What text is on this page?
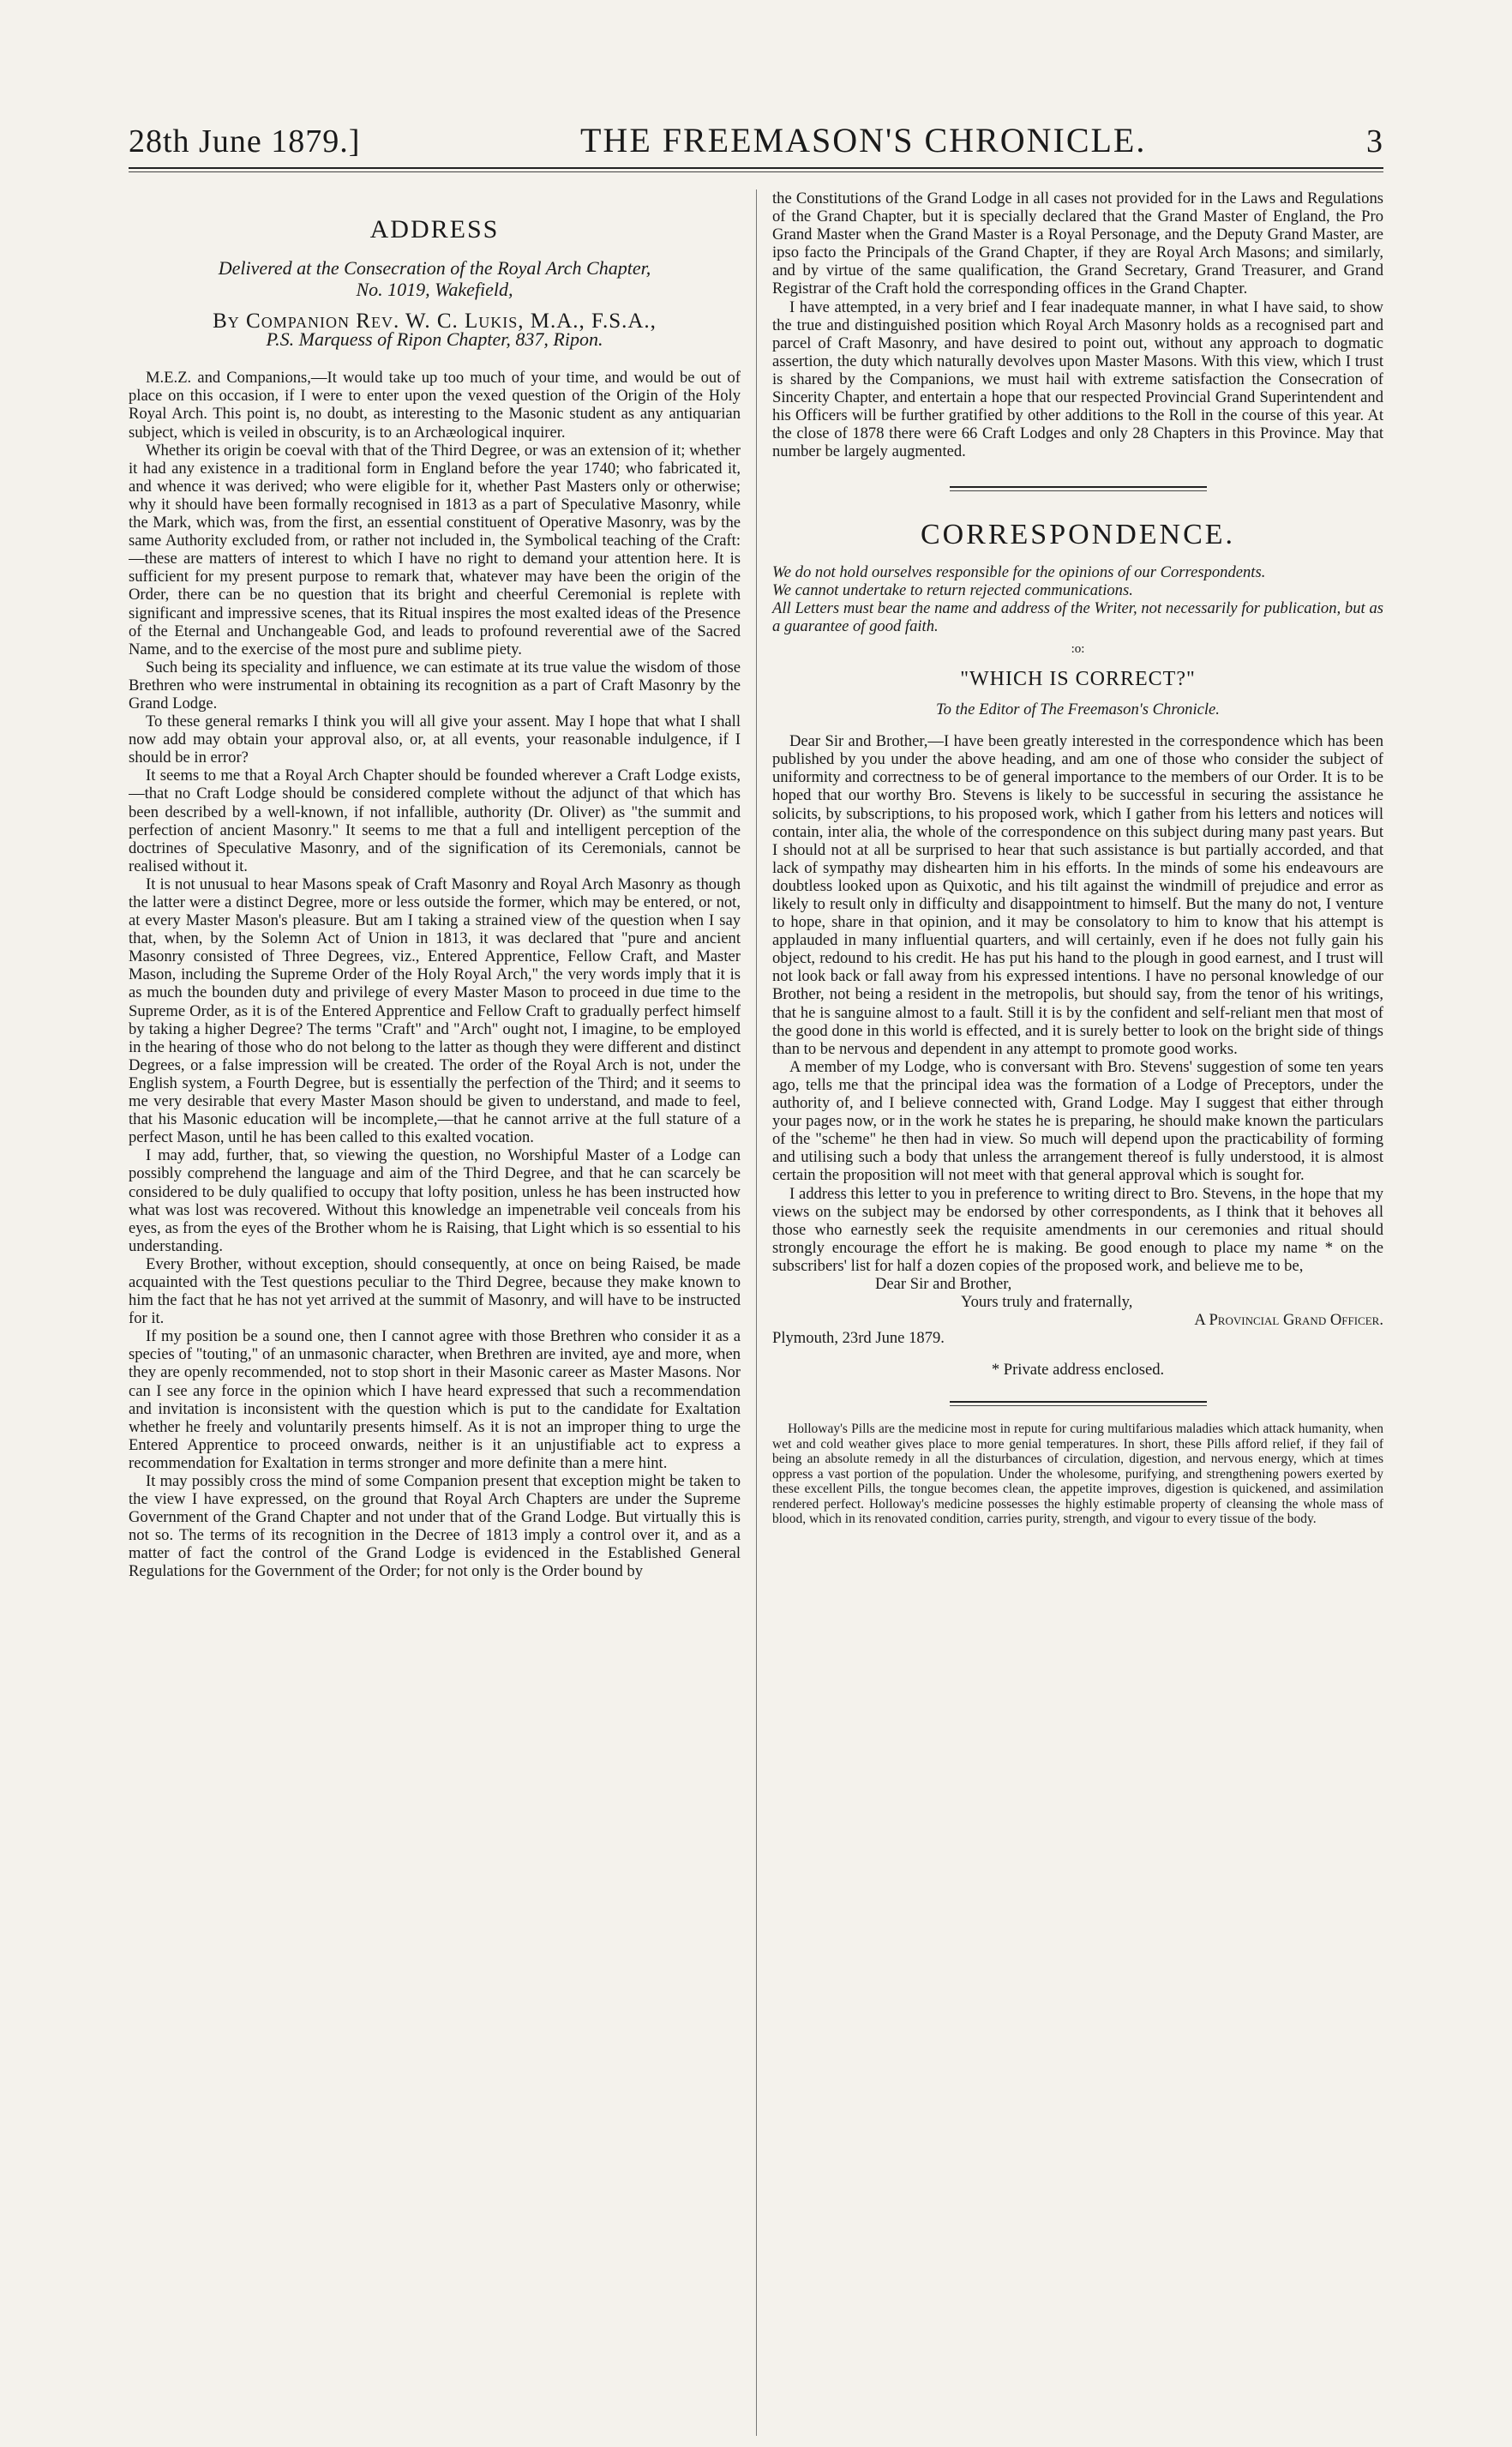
28th June 1879.]	THE FREEMASON'S CHRONICLE.	3
ADDRESS
Delivered at the Consecration of the Royal Arch Chapter,
No. 1019, Wakefield,
By Companion Rev. W. C. Lukis, M.A., F.S.A.,
P.S. Marquess of Ripon Chapter, 837, Ripon.

M.E.Z. and Companions,—It would take up too much of your time, and would be out of place on this occasion, if I were to enter upon the vexed question of the Origin of the Holy Royal Arch. This point is, no doubt, as interesting to the Masonic student as any antiquarian subject, which is veiled in obscurity, is to an Archæological inquirer.

Whether its origin be coeval with that of the Third Degree, or was an extension of it; whether it had any existence in a traditional form in England before the year 1740; who fabricated it, and whence it was derived; who were eligible for it, whether Past Masters only or otherwise; why it should have been formally recognised in 1813 as a part of Speculative Masonry, while the Mark, which was, from the first, an essential constituent of Operative Masonry, was by the same Authority excluded from, or rather not included in, the Symbolical teaching of the Craft:—these are matters of interest to which I have no right to demand your attention here. It is sufficient for my present purpose to remark that, whatever may have been the origin of the Order, there can be no question that its bright and cheerful Ceremonial is replete with significant and impressive scenes, that its Ritual inspires the most exalted ideas of the Presence of the Eternal and Unchangeable God, and leads to profound reverential awe of the Sacred Name, and to the exercise of the most pure and sublime piety.

Such being its speciality and influence, we can estimate at its true value the wisdom of those Brethren who were instrumental in obtaining its recognition as a part of Craft Masonry by the Grand Lodge.

To these general remarks I think you will all give your assent. May I hope that what I shall now add may obtain your approval also, or, at all events, your reasonable indulgence, if I should be in error?

It seems to me that a Royal Arch Chapter should be founded wherever a Craft Lodge exists,—that no Craft Lodge should be considered complete without the adjunct of that which has been described by a well-known, if not infallible, authority (Dr. Oliver) as "the summit and perfection of ancient Masonry." It seems to me that a full and intelligent perception of the doctrines of Speculative Masonry, and of the signification of its Ceremonials, cannot be realised without it.

It is not unusual to hear Masons speak of Craft Masonry and Royal Arch Masonry as though the latter were a distinct Degree, more or less outside the former, which may be entered, or not, at every Master Mason's pleasure. But am I taking a strained view of the question when I say that, when, by the Solemn Act of Union in 1813, it was declared that "pure and ancient Masonry consisted of Three Degrees, viz., Entered Apprentice, Fellow Craft, and Master Mason, including the Supreme Order of the Holy Royal Arch," the very words imply that it is as much the bounden duty and privilege of every Master Mason to proceed in due time to the Supreme Order, as it is of the Entered Apprentice and Fellow Craft to gradually perfect himself by taking a higher Degree? The terms "Craft" and "Arch" ought not, I imagine, to be employed in the hearing of those who do not belong to the latter as though they were different and distinct Degrees, or a false impression will be created. The order of the Royal Arch is not, under the English system, a Fourth Degree, but is essentially the perfection of the Third; and it seems to me very desirable that every Master Mason should be given to understand, and made to feel, that his Masonic education will be incomplete,—that he cannot arrive at the full stature of a perfect Mason, until he has been called to this exalted vocation.

I may add, further, that, so viewing the question, no Worshipful Master of a Lodge can possibly comprehend the language and aim of the Third Degree, and that he can scarcely be considered to be duly qualified to occupy that lofty position, unless he has been instructed how what was lost was recovered. Without this knowledge an impenetrable veil conceals from his eyes, as from the eyes of the Brother whom he is Raising, that Light which is so essential to his understanding.

Every Brother, without exception, should consequently, at once on being Raised, be made acquainted with the Test questions peculiar to the Third Degree, because they make known to him the fact that he has not yet arrived at the summit of Masonry, and will have to be instructed for it.

If my position be a sound one, then I cannot agree with those Brethren who consider it as a species of "touting," of an unmasonic character, when Brethren are invited, aye and more, when they are openly recommended, not to stop short in their Masonic career as Master Masons. Nor can I see any force in the opinion which I have heard expressed that such a recommendation and invitation is inconsistent with the question which is put to the candidate for Exaltation whether he freely and voluntarily presents himself. As it is not an improper thing to urge the Entered Apprentice to proceed onwards, neither is it an unjustifiable act to express a recommendation for Exaltation in terms stronger and more definite than a mere hint.

It may possibly cross the mind of some Companion present that exception might be taken to the view I have expressed, on the ground that Royal Arch Chapters are under the Supreme Government of the Grand Chapter and not under that of the Grand Lodge. But virtually this is not so. The terms of its recognition in the Decree of 1813 imply a control over it, and as a matter of fact the control of the Grand Lodge is evidenced in the Established General Regulations for the Government of the Order; for not only is the Order bound by

the Constitutions of the Grand Lodge in all cases not provided for in the Laws and Regulations of the Grand Chapter, but it is specially declared that the Grand Master of England, the Pro Grand Master when the Grand Master is a Royal Personage, and the Deputy Grand Master, are ipso facto the Principals of the Grand Chapter, if they are Royal Arch Masons; and similarly, and by virtue of the same qualification, the Grand Secretary, Grand Treasurer, and Grand Registrar of the Craft hold the corresponding offices in the Grand Chapter.

I have attempted, in a very brief and I fear inadequate manner, in what I have said, to show the true and distinguished position which Royal Arch Masonry holds as a recognised part and parcel of Craft Masonry, and have desired to point out, without any approach to dogmatic assertion, the duty which naturally devolves upon Master Masons. With this view, which I trust is shared by the Companions, we must hail with extreme satisfaction the Consecration of Sincerity Chapter, and entertain a hope that our respected Provincial Grand Superintendent and his Officers will be further gratified by other additions to the Roll in the course of this year. At the close of 1878 there were 66 Craft Lodges and only 28 Chapters in this Province. May that number be largely augmented.

CORRESPONDENCE.

We do not hold ourselves responsible for the opinions of our Correspondents.

We cannot undertake to return rejected communications.

All Letters must bear the name and address of the Writer, not necessarily for publication, but as a guarantee of good faith.

:o:
"WHICH IS CORRECT?"
To the Editor of The Freemason's Chronicle.

Dear Sir and Brother,—I have been greatly interested in the correspondence which has been published by you under the above heading, and am one of those who consider the subject of uniformity and correctness to be of general importance to the members of our Order. It is to be hoped that our worthy Bro. Stevens is likely to be successful in securing the assistance he solicits, by subscriptions, to his proposed work, which I gather from his letters and notices will contain, inter alia, the whole of the correspondence on this subject during many past years. But I should not at all be surprised to hear that such assistance is but partially accorded, and that lack of sympathy may dishearten him in his efforts. In the minds of some his endeavours are doubtless looked upon as Quixotic, and his tilt against the windmill of prejudice and error as likely to result only in difficulty and disappointment to himself. But the many do not, I venture to hope, share in that opinion, and it may be consolatory to him to know that his attempt is applauded in many influential quarters, and will certainly, even if he does not fully gain his object, redound to his credit. He has put his hand to the plough in good earnest, and I trust will not look back or fall away from his expressed intentions. I have no personal knowledge of our Brother, not being a resident in the metropolis, but should say, from the tenor of his writings, that he is sanguine almost to a fault. Still it is by the confident and self-reliant men that most of the good done in this world is effected, and it is surely better to look on the bright side of things than to be nervous and dependent in any attempt to promote good works.

A member of my Lodge, who is conversant with Bro. Stevens' suggestion of some ten years ago, tells me that the principal idea was the formation of a Lodge of Preceptors, under the authority of, and I believe connected with, Grand Lodge. May I suggest that either through your pages now, or in the work he states he is preparing, he should make known the particulars of the "scheme" he then had in view. So much will depend upon the practicability of forming and utilising such a body that unless the arrangement thereof is fully understood, it is almost certain the proposition will not meet with that general approval which is sought for.

I address this letter to you in preference to writing direct to Bro. Stevens, in the hope that my views on the subject may be endorsed by other correspondents, as I think that it behoves all those who earnestly seek the requisite amendments in our ceremonies and ritual should strongly encourage the effort he is making. Be good enough to place my name * on the subscribers' list for half a dozen copies of the proposed work, and believe me to be,

Dear Sir and Brother,

Yours truly and fraternally,

A Provincial Grand Officer.

Plymouth, 23rd June 1879.

* Private address enclosed.

Holloway's Pills are the medicine most in repute for curing multifarious maladies which attack humanity, when wet and cold weather gives place to more genial temperatures. In short, these Pills afford relief, if they fail of being an absolute remedy in all the disturbances of circulation, digestion, and nervous energy, which at times oppress a vast portion of the population. Under the wholesome, purifying, and strengthening powers exerted by these excellent Pills, the tongue becomes clean, the appetite improves, digestion is quickened, and assimilation rendered perfect. Holloway's medicine possesses the highly estimable property of cleansing the whole mass of blood, which in its renovated condition, carries purity, strength, and vigour to every tissue of the body.
